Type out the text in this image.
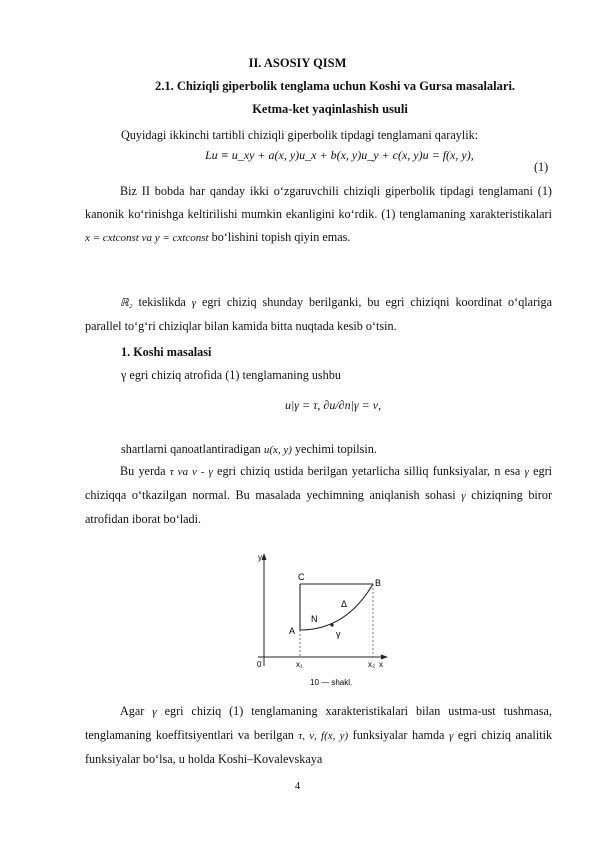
II. ASOSIY QISM
2.1. Chiziqli giperbolik tenglama uchun Koshi va Gursa masalalari.
Ketma-ket yaqinlashish usuli
Quyidagi ikkinchi tartibli chiziqli giperbolik tipdagi tenglamani qaraylik:
Lu ≡ u_xy + a(x, y)u_x + b(x, y)u_y + c(x, y)u = f(x, y),
(1)
Biz II bobda har qanday ikki o‘zgaruvchili chiziqli giperbolik tipdagi tenglamani (1) kanonik ko‘rinishga keltirilishi mumkin ekanligini ko‘rdik. (1) tenglamaning xarakteristikalari x = cxtconst va y = cxtconst bo‘lishini topish qiyin emas.
ℝ₂ tekislikda γ egri chiziq shunday berilganki, bu egri chiziqni koordinat o‘qlariga parallel to‘g‘ri chiziqlar bilan kamida bitta nuqtada kesib o‘tsin.
1. Koshi masalasi
γ egri chiziq atrofida (1) tenglamaning ushbu
u|γ = τ, ∂u/∂n|γ = ν,
shartlarni qanoatlantiradigan u(x, y) yechimi topilsin.
Bu yerda τ va ν - γ egri chiziq ustida berilgan yetarlicha silliq funksiyalar, n esa γ egri chiziqqa o‘tkazilgan normal. Bu masalada yechimning aniqlanish sohasi γ chiziqning biror atrofidan iborat bo‘ladi.
y
C
B
A
N
Δ
γ
0	x₁	x₂ x
10 — shakl.
Agar γ egri chiziq (1) tenglamaning xarakteristikalari bilan ustma-ust tushmasa, tenglamaning koeffitsiyentlari va berilgan τ, ν, f(x, y) funksiyalar hamda γ egri chiziq analitik funksiyalar bo‘lsa, u holda Koshi–Kovalevskaya
4
